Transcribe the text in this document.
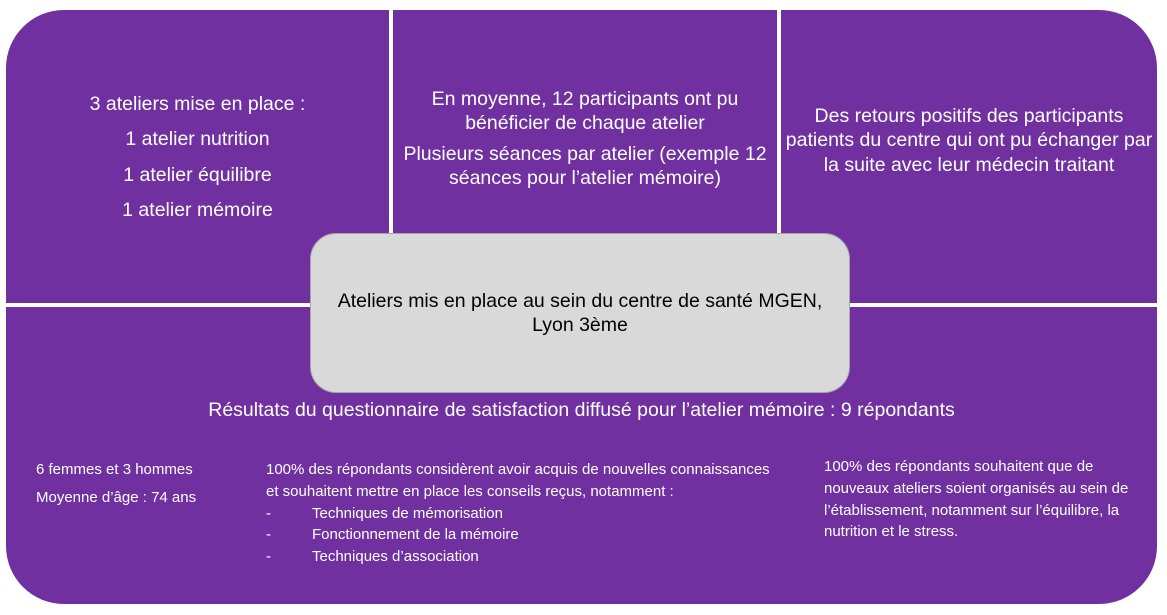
3 ateliers mise en place :
1 atelier nutrition
1 atelier équilibre
1 atelier mémoire
En moyenne, 12 participants ont pu bénéficier de chaque atelier
Plusieurs séances par atelier (exemple 12 séances pour l’atelier mémoire)
Des retours positifs des participants patients du centre qui ont pu échanger par la suite avec leur médecin traitant
Ateliers mis en place au sein du centre de santé MGEN, Lyon 3ème
Résultats du questionnaire de satisfaction diffusé pour l’atelier mémoire : 9 répondants
6 femmes et 3 hommes
Moyenne d’âge : 74 ans
100% des répondants considèrent avoir acquis de nouvelles connaissances et souhaitent mettre en place les conseils reçus, notamment :
-	Techniques de mémorisation
-	Fonctionnement de la mémoire
-	Techniques d’association
100% des répondants souhaitent que de nouveaux ateliers soient organisés au sein de l’établissement, notamment sur l’équilibre, la nutrition et le stress.
